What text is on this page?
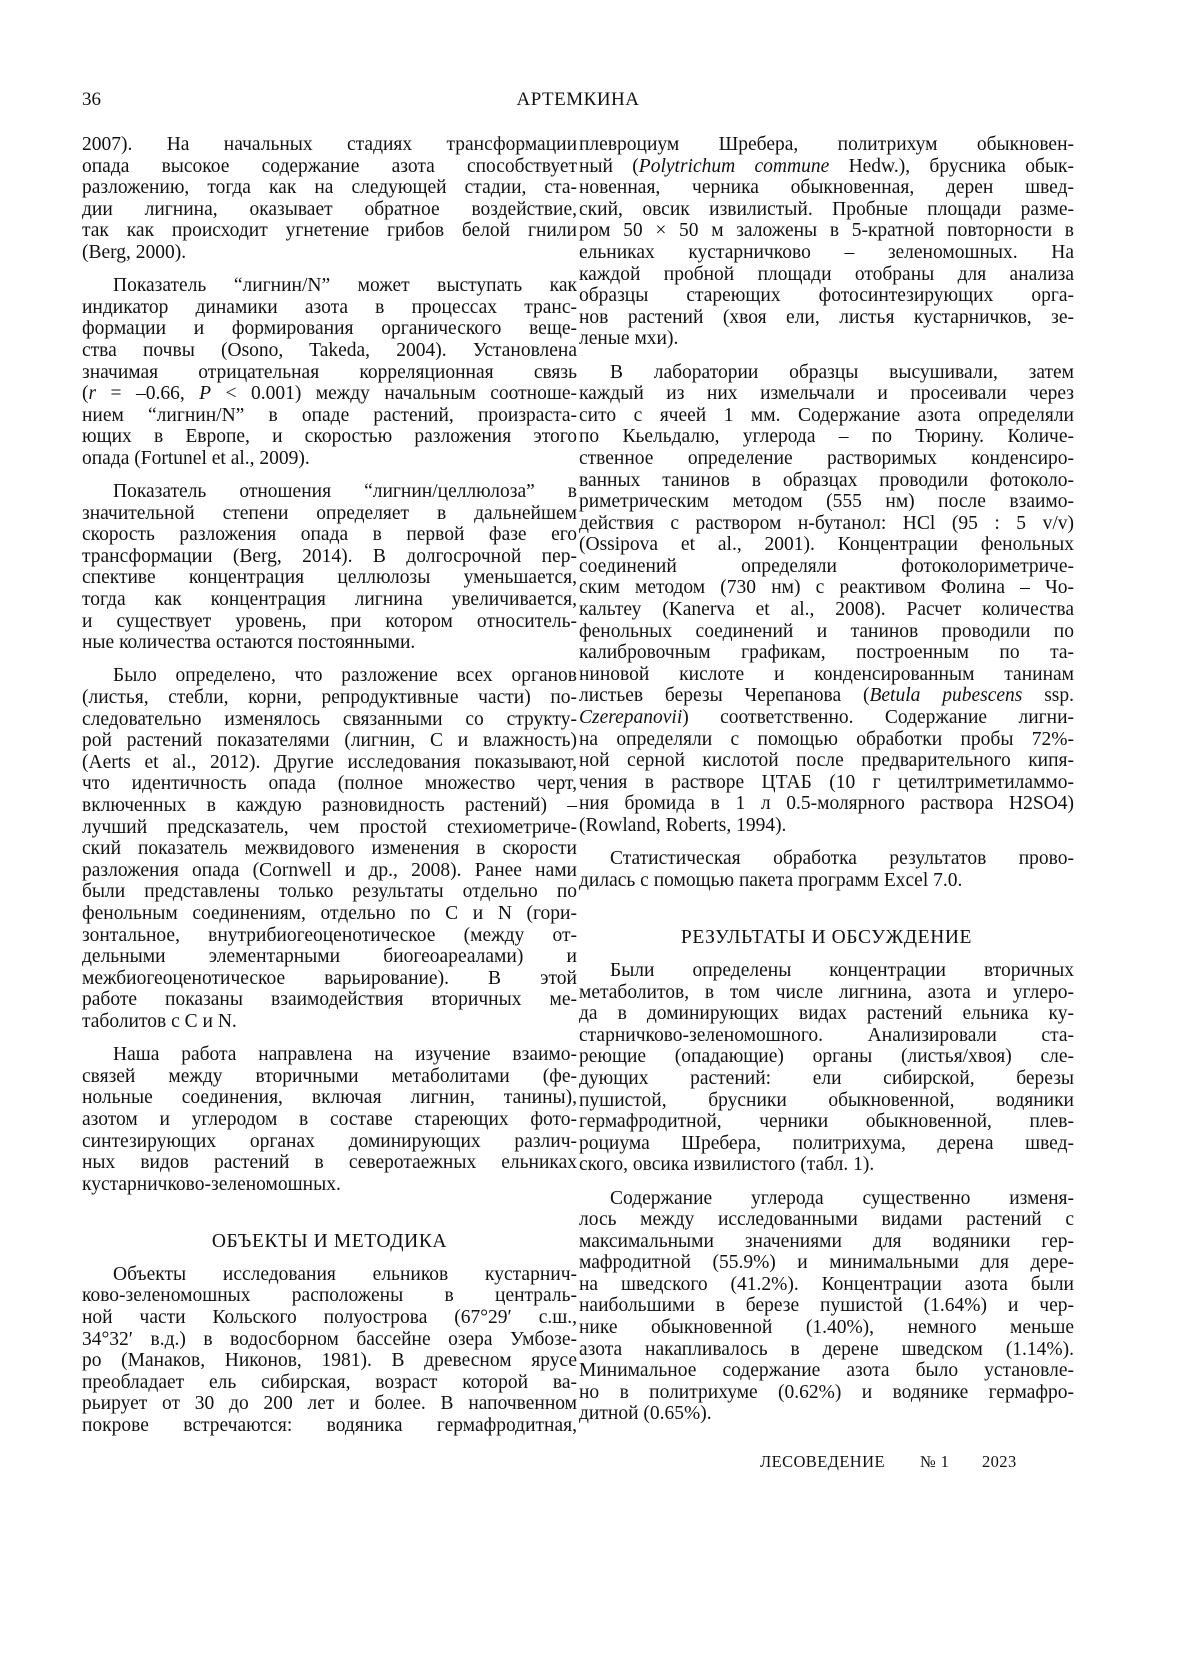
36	АРТЕМКИНА
2007). На начальных стадиях трансформации
опада высокое содержание азота способствует
разложению, тогда как на следующей стадии, ста-
дии лигнина, оказывает обратное воздействие,
так как происходит угнетение грибов белой гнили
(Berg, 2000).
Показатель “лигнин/N” может выступать как
индикатор динамики азота в процессах транс-
формации и формирования органического веще-
ства почвы (Osono, Takeda, 2004). Установлена
значимая отрицательная корреляционная связь
(r = –0.66, P < 0.001) между начальным соотноше-
нием “лигнин/N” в опаде растений, произраста-
ющих в Европе, и скоростью разложения этого
опада (Fortunel et al., 2009).
Показатель отношения “лигнин/целлюлоза” в
значительной степени определяет в дальнейшем
скорость разложения опада в первой фазе его
трансформации (Berg, 2014). В долгосрочной пер-
спективе концентрация целлюлозы уменьшается,
тогда как концентрация лигнина увеличивается,
и существует уровень, при котором относитель-
ные количества остаются постоянными.
Было определено, что разложение всех органов
(листья, стебли, корни, репродуктивные части) по-
следовательно изменялось связанными со структу-
рой растений показателями (лигнин, C и влажность)
(Aerts et al., 2012). Другие исследования показывают,
что идентичность опада (полное множество черт,
включенных в каждую разновидность растений) –
лучший предсказатель, чем простой стехиометриче-
ский показатель межвидового изменения в скорости
разложения опада (Cornwell и др., 2008). Ранее нами
были представлены только результаты отдельно по
фенольным соединениям, отдельно по C и N (гори-
зонтальное, внутрибиогеоценотическое (между от-
дельными элементарными биогеоареалами) и
межбиогеоценотическое варьирование). В этой
работе показаны взаимодействия вторичных ме-
таболитов с C и N.
Наша работа направлена на изучение взаимо-
связей между вторичными метаболитами (фе-
нольные соединения, включая лигнин, танины),
азотом и углеродом в составе стареющих фото-
синтезирующих органах доминирующих различ-
ных видов растений в северотаежных ельниках
кустарничково-зеленомошных.
ОБЪЕКТЫ И МЕТОДИКА
Объекты исследования ельников кустарнич-
ково-зеленомошных расположены в централь-
ной части Кольского полуострова (67°29′ с.ш.,
34°32′ в.д.) в водосборном бассейне озера Умбозе-
ро (Манаков, Никонов, 1981). В древесном ярусе
преобладает ель сибирская, возраст которой ва-
рьирует от 30 до 200 лет и более. В напочвенном
покрове встречаются: водяника гермафродитная,
плевроциум Шребера, политрихум обыкновен-
ный (Polytrichum commune Hedw.), брусника обык-
новенная, черника обыкновенная, дерен швед-
ский, овсик извилистый. Пробные площади разме-
ром 50 × 50 м заложены в 5-кратной повторности в
ельниках кустарничково – зеленомошных. На
каждой пробной площади отобраны для анализа
образцы стареющих фотосинтезирующих орга-
нов растений (хвоя ели, листья кустарничков, зе-
леные мхи).
В лаборатории образцы высушивали, затем
каждый из них измельчали и просеивали через
сито с ячеей 1 мм. Содержание азота определяли
по Кьельдалю, углерода – по Тюрину. Количе-
ственное определение растворимых конденсиро-
ванных танинов в образцах проводили фотоколо-
риметрическим методом (555 нм) после взаимо-
действия с раствором н-бутанол: HCl (95 : 5 v/v)
(Ossipova et al., 2001). Концентрации фенольных
соединений определяли фотоколориметриче-
ским методом (730 нм) с реактивом Фолина – Чо-
кальтеу (Kanerva et al., 2008). Расчет количества
фенольных соединений и танинов проводили по
калибровочным графикам, построенным по та-
ниновой кислоте и конденсированным танинам
листьев березы Черепанова (Betula pubescens ssp.
Czerepanovii) соответственно. Содержание лигни-
на определяли с помощью обработки пробы 72%-
ной серной кислотой после предварительного кипя-
чения в растворе ЦТАБ (10 г цетилтриметиламмо-
ния бромида в 1 л 0.5-молярного раствора H2SO4)
(Rowland, Roberts, 1994).
Статистическая обработка результатов прово-
дилась с помощью пакета программ Excel 7.0.
РЕЗУЛЬТАТЫ И ОБСУЖДЕНИЕ
Были определены концентрации вторичных
метаболитов, в том числе лигнина, азота и углеро-
да в доминирующих видах растений ельника ку-
старничково-зеленомошного. Анализировали ста-
реющие (опадающие) органы (листья/хвоя) сле-
дующих растений: ели сибирской, березы
пушистой, брусники обыкновенной, водяники
гермафродитной, черники обыкновенной, плев-
роциума Шребера, политрихума, дерена швед-
ского, овсика извилистого (табл. 1).
Содержание углерода существенно изменя-
лось между исследованными видами растений с
максимальными значениями для водяники гер-
мафродитной (55.9%) и минимальными для дере-
на шведского (41.2%). Концентрации азота были
наибольшими в березе пушистой (1.64%) и чер-
нике обыкновенной (1.40%), немного меньше
азота накапливалось в дерене шведском (1.14%).
Минимальное содержание азота было установле-
но в политрихуме (0.62%) и водянике гермафро-
дитной (0.65%).
ЛЕСОВЕДЕНИЕ № 1 2023
